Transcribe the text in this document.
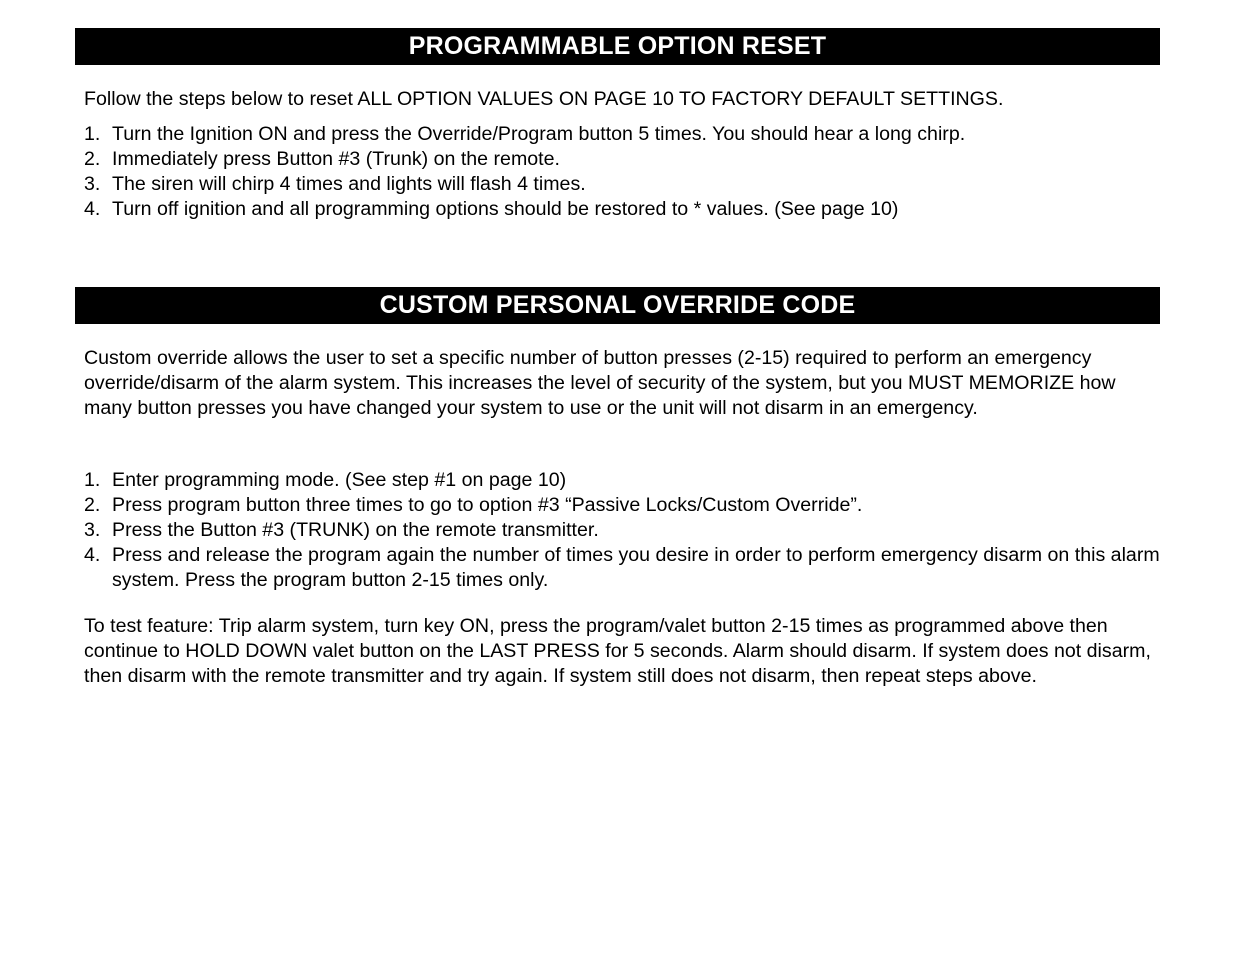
PROGRAMMABLE OPTION RESET

Follow the steps below to reset ALL OPTION VALUES ON PAGE 10 TO FACTORY DEFAULT SETTINGS.

1. Turn the Ignition ON and press the Override/Program button 5 times. You should hear a long chirp.
2. Immediately press Button #3 (Trunk) on the remote.
3. The siren will chirp 4 times and lights will flash 4 times.
4. Turn off ignition and all programming options should be restored to * values. (See page 10)
CUSTOM PERSONAL OVERRIDE CODE

Custom override allows the user to set a specific number of button presses (2-15) required to perform an emergency override/disarm of the alarm system. This increases the level of security of the system, but you MUST MEMORIZE how many button presses you have changed your system to use or the unit will not disarm in an emergency.

1. Enter programming mode. (See step #1 on page 10)
2. Press program button three times to go to option #3 “Passive Locks/Custom Override”.
3. Press the Button #3 (TRUNK) on the remote transmitter.
4. Press and release the program again the number of times you desire in order to perform emergency disarm on this alarm system. Press the program button 2-15 times only.

To test feature: Trip alarm system, turn key ON, press the program/valet button 2-15 times as programmed above then continue to HOLD DOWN valet button on the LAST PRESS for 5 seconds. Alarm should disarm. If system does not disarm, then disarm with the remote transmitter and try again. If system still does not disarm, then repeat steps above.
